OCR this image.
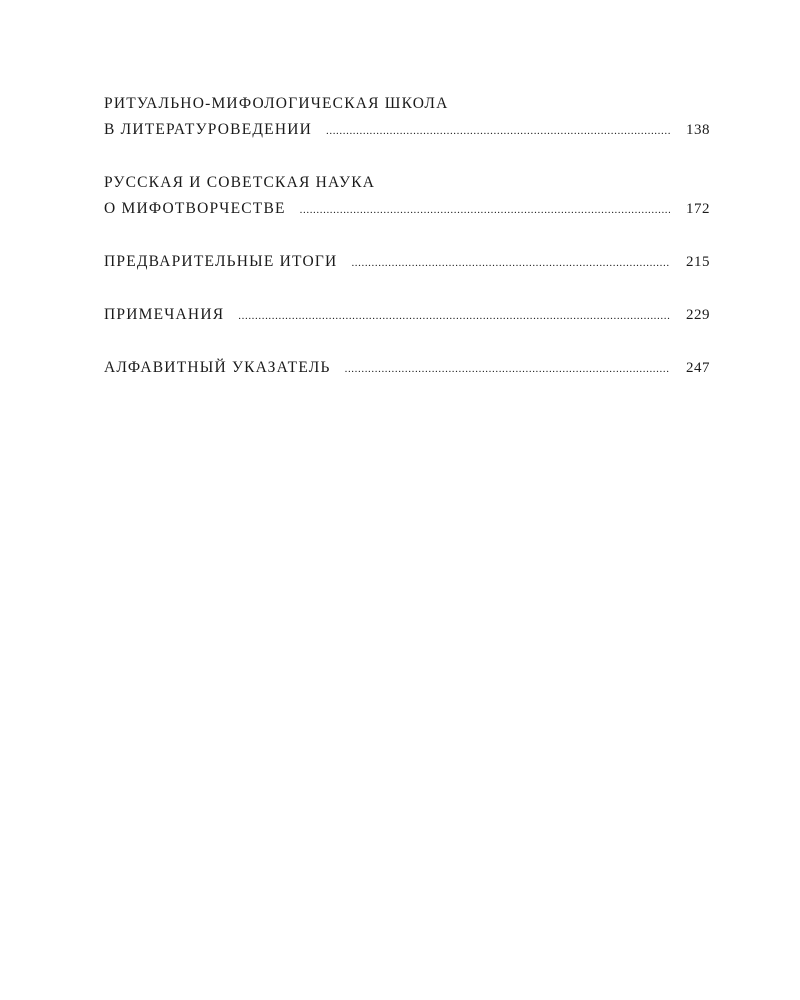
РИТУАЛЬНО-МИФОЛОГИЧЕСКАЯ ШКОЛА
В ЛИТЕРАТУРОВЕДЕНИИ .....	138
РУССКАЯ И СОВЕТСКАЯ НАУКА
О МИФОТВОРЧЕСТВЕ .....	172
ПРЕДВАРИТЕЛЬНЫЕ ИТОГИ .....	215
ПРИМЕЧАНИЯ .....	229
АЛФАВИТНЫЙ УКАЗАТЕЛЬ .....	247
